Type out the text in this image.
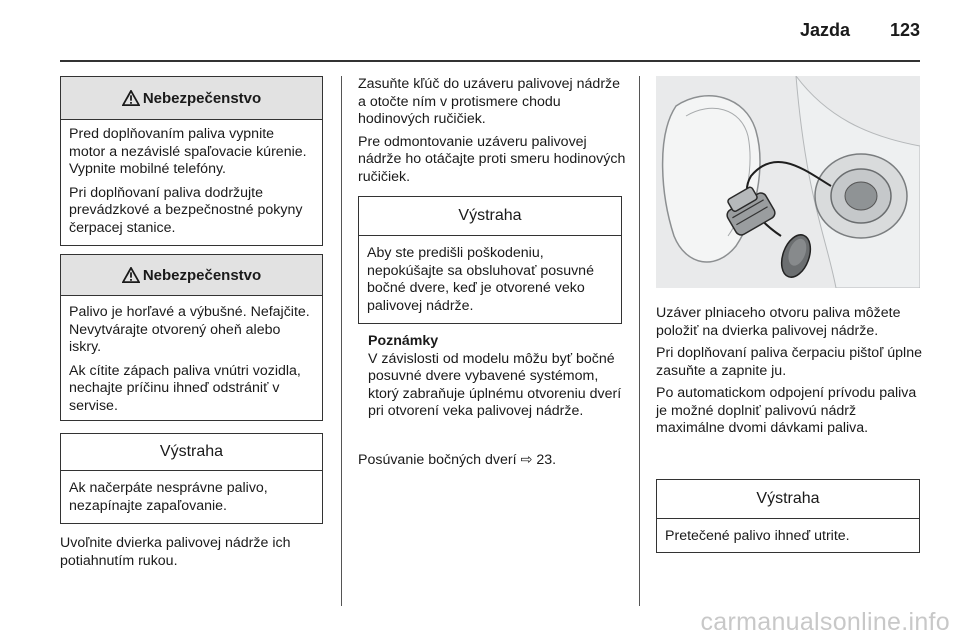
Jazda	123
Nebezpečenstvo

Pred doplňovaním paliva vypnite motor a nezávislé spaľovacie kúrenie. Vypnite mobilné telefóny.

Pri doplňovaní paliva dodržujte prevádzkové a bezpečnostné pokyny čerpacej stanice.

Nebezpečenstvo

Palivo je horľavé a výbušné. Nefajčite. Nevytvárajte otvorený oheň alebo iskry.

Ak cítite zápach paliva vnútri vozidla, nechajte príčinu ihneď odstrániť v servise.

Výstraha

Ak načerpáte nesprávne palivo, nezapínajte zapaľovanie.

Uvoľnite dvierka palivovej nádrže ich potiahnutím rukou.

Zasuňte kľúč do uzáveru palivovej nádrže a otočte ním v protismere chodu hodinových ručičiek.

Pre odmontovanie uzáveru palivovej nádrže ho otáčajte proti smeru hodinových ručičiek.

Výstraha

Aby ste predišli poškodeniu, nepokúšajte sa obsluhovať posuvné bočné dvere, keď je otvorené veko palivovej nádrže.

Poznámky

V závislosti od modelu môžu byť bočné posuvné dvere vybavené systémom, ktorý zabraňuje úplnému otvoreniu dverí pri otvorení veka palivovej nádrže.

Posúvanie bočných dverí ⇨ 23.

Uzáver plniaceho otvoru paliva môžete položiť na dvierka palivovej nádrže.

Pri doplňovaní paliva čerpaciu pištoľ úplne zasuňte a zapnite ju.

Po automatickom odpojení prívodu paliva je možné doplniť palivovú nádrž maximálne dvomi dávkami paliva.

Výstraha

Pretečené palivo ihneď utrite.

carmanualsonline.info
